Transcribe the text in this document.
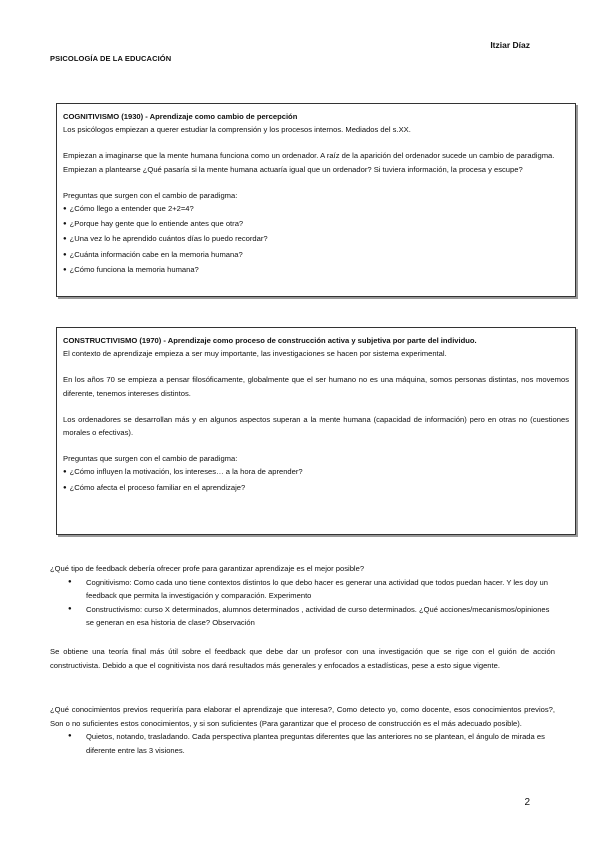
Itziar Díaz
PSICOLOGÍA DE LA EDUCACIÓN

COGNITIVISMO (1930) - Aprendizaje como cambio de percepción

Los psicólogos empiezan a querer estudiar la comprensión y los procesos internos. Mediados del s.XX.

Empiezan a imaginarse que la mente humana funciona como un ordenador. A raíz de la aparición del ordenador sucede un cambio de paradigma. Empiezan a plantearse ¿Qué pasaría si la mente humana actuaría igual que un ordenador? Si tuviera información, la procesa y escupe?

Preguntas que surgen con el cambio de paradigma:

● ¿Cómo llego a entender que 2+2=4?
● ¿Porque hay gente que lo entiende antes que otra?
● ¿Una vez lo he aprendido cuántos días lo puedo recordar?
● ¿Cuánta información cabe en la memoria humana?
● ¿Cómo funciona la memoria humana?

CONSTRUCTIVISMO (1970) - Aprendizaje como proceso de construcción activa y subjetiva por parte del individuo.

El contexto de aprendizaje empieza a ser muy importante, las investigaciones se hacen por sistema experimental.

En los años 70 se empieza a pensar filosóficamente, globalmente que el ser humano no es una máquina, somos personas distintas, nos movemos diferente, tenemos intereses distintos.

Los ordenadores se desarrollan más y en algunos aspectos superan a la mente humana (capacidad de información) pero en otras no (cuestiones morales o efectivas).

Preguntas que surgen con el cambio de paradigma:

● ¿Cómo influyen la motivación, los intereses… a la hora de aprender?
● ¿Cómo afecta el proceso familiar en el aprendizaje?

¿Qué tipo de feedback debería ofrecer profe para garantizar aprendizaje es el mejor posible?

● Cognitivismo: Como cada uno tiene contextos distintos lo que debo hacer es generar una actividad que todos puedan hacer. Y les doy un feedback que permita la investigación y comparación. Experimento
● Constructivismo: curso X determinados, alumnos determinados , actividad de curso determinados. ¿Qué acciones/mecanismos/opiniones se generan en esa historia de clase? Observación

Se obtiene una teoría final más útil sobre el feedback que debe dar un profesor con una investigación que se rige con el guión de acción constructivista. Debido a que el cognitivista nos dará resultados más generales y enfocados a estadísticas, pese a esto sigue vigente.

¿Qué conocimientos previos requeriría para elaborar el aprendizaje que interesa?, Como detecto yo, como docente, esos conocimientos previos?, Son o no suficientes estos conocimientos, y si son suficientes (Para garantizar que el proceso de construcción es el más adecuado posible).

● Quietos, notando, trasladando. Cada perspectiva plantea preguntas diferentes que las anteriores no se plantean, el ángulo de mirada es diferente entre las 3 visiones.
2
